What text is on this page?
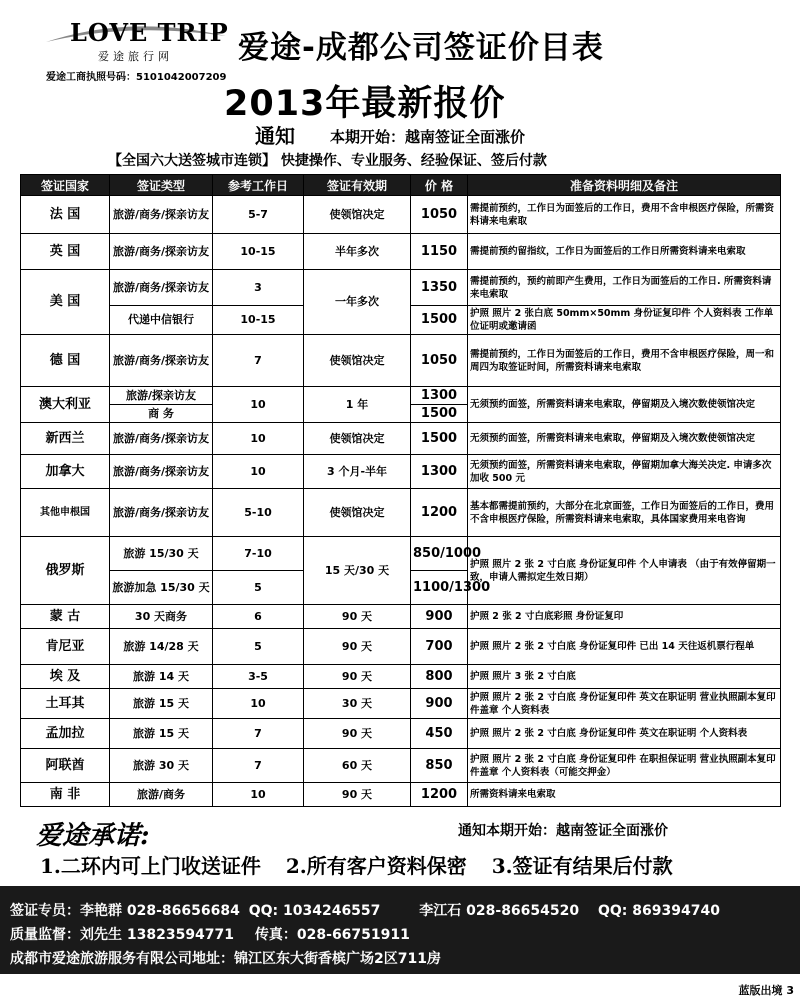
LOVE TRIP
爱途旅行网
爱途工商执照号码：5101042007209
爱途-成都公司签证价目表
2013年最新报价
通知 本期开始：越南签证全面涨价
【全国六大送签城市连锁】 快捷操作、专业服务、经验保证、签后付款
签证国家	签证类型	参考工作日	签证有效期	价 格	准备资料明细及备注
法 国	旅游/商务/探亲访友	5-7	使领馆决定	1050	需提前预约，工作日为面签后的工作日，费用不含申根医疗保险，所需资料请来电索取
英 国	旅游/商务/探亲访友	10-15	半年多次	1150	需提前预约留指纹，工作日为面签后的工作日所需资料请来电索取
美 国	旅游/商务/探亲访友	3	一年多次	1350	需提前预约，预约前即产生费用，工作日为面签后的工作日. 所需资料请来电索取
	代递中信银行	10-15		1500	护照 照片 2 张白底 50mm×50mm 身份证复印件 个人资料表 工作单位证明或邀请函
德 国	旅游/商务/探亲访友	7	使领馆决定	1050	需提前预约，工作日为面签后的工作日，费用不含申根医疗保险，周一和周四为取签证时间，所需资料请来电索取
澳大利亚	旅游/探亲访友	10	1 年	1300	无须预约面签，所需资料请来电索取，停留期及入境次数使领馆决定
	商 务			1500	
新西兰	旅游/商务/探亲访友	10	使领馆决定	1500	无须预约面签，所需资料请来电索取，停留期及入境次数使领馆决定
加拿大	旅游/商务/探亲访友	10	3 个月-半年	1300	无须预约面签，所需资料请来电索取，停留期加拿大海关决定. 申请多次加收 500 元
其他申根国	旅游/商务/探亲访友	5-10	使领馆决定	1200	基本都需提前预约，大部分在北京面签，工作日为面签后的工作日，费用不含申根医疗保险，所需资料请来电索取，具体国家费用来电咨询
俄罗斯	旅游 15/30 天	7-10	15 天/30 天	850/1000	护照 照片 2 张 2 寸白底 身份证复印件 个人申请表 （由于有效停留期一致，申请人需拟定生效日期）
	旅游加急 15/30 天	5		1100/1300	
蒙 古	30 天商务	6	90 天	900	护照 2 张 2 寸白底彩照 身份证复印
肯尼亚	旅游 14/28 天	5	90 天	700	护照 照片 2 张 2 寸白底 身份证复印件 已出 14 天往返机票行程单
埃 及	旅游 14 天	3-5	90 天	800	护照 照片 3 张 2 寸白底
土耳其	旅游 15 天	10	30 天	900	护照 照片 2 张 2 寸白底 身份证复印件 英文在职证明 营业执照副本复印件盖章 个人资料表
孟加拉	旅游 15 天	7	90 天	450	护照 照片 2 张 2 寸白底 身份证复印件 英文在职证明 个人资料表
阿联酋	旅游 30 天	7	60 天	850	护照 照片 2 张 2 寸白底 身份证复印件 在职担保证明 营业执照副本复印件盖章 个人资料表（可能交押金）
南 非	旅游/商务	10	90 天	1200	所需资料请来电索取
爱途承诺:	通知本期开始：越南签证全面涨价
1.二环内可上门收送证件 2.所有客户资料保密 3.签证有结果后付款
签证专员：李艳群 028-86656684 QQ: 1034246557	李江石 028-86654520 QQ: 869394740
质量监督：刘先生 13823594771 传真：028-66751911
成都市爱途旅游服务有限公司地址：锦江区东大街香槟广场2区711房
蓝版出境 3
